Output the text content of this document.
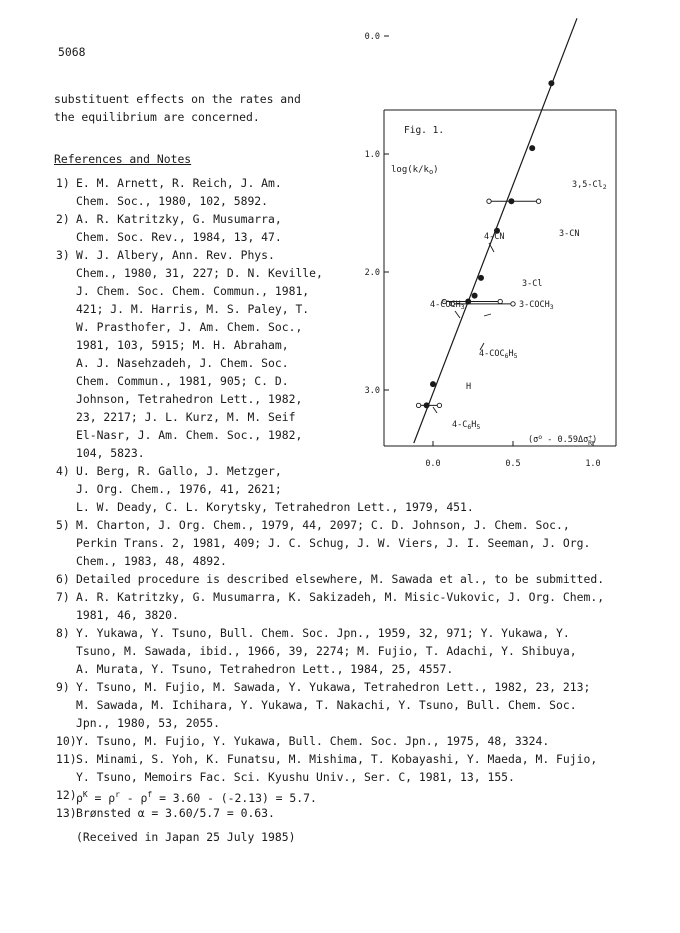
5068
substituent effects on the rates and
the equilibrium are concerned.
References and Notes
1) E. M. Arnett, R. Reich, J. Am.
Chem. Soc., 1980, 102, 5892.
2) A. R. Katritzky, G. Musumarra,
Chem. Soc. Rev., 1984, 13, 47.
3) W. J. Albery, Ann. Rev. Phys.
Chem., 1980, 31, 227; D. N. Keville,
J. Chem. Soc. Chem. Commun., 1981,
421; J. M. Harris, M. S. Paley, T.
W. Prasthofer, J. Am. Chem. Soc.,
1981, 103, 5915; M. H. Abraham,
A. J. Nasehzadeh, J. Chem. Soc.
Chem. Commun., 1981, 905; C. D.
Johnson, Tetrahedron Lett., 1982,
23, 2217; J. L. Kurz, M. M. Seif
El-Nasr, J. Am. Chem. Soc., 1982,
104, 5823.
4) U. Berg, R. Gallo, J. Metzger,
J. Org. Chem., 1976, 41, 2621;
L. W. Deady, C. L. Korytsky, Tetrahedron Lett., 1979, 451.
5) M. Charton, J. Org. Chem., 1979, 44, 2097; C. D. Johnson, J. Chem. Soc.,
Perkin Trans. 2, 1981, 409; J. C. Schug, J. W. Viers, J. I. Seeman, J. Org.
Chem., 1983, 48, 4892.
6) Detailed procedure is described elsewhere, M. Sawada et al., to be submitted.
7) A. R. Katritzky, G. Musumarra, K. Sakizadeh, M. Misic-Vukovic, J. Org. Chem.,
1981, 46, 3820.
8) Y. Yukawa, Y. Tsuno, Bull. Chem. Soc. Jpn., 1959, 32, 971; Y. Yukawa, Y.
Tsuno, M. Sawada, ibid., 1966, 39, 2274; M. Fujio, T. Adachi, Y. Shibuya,
A. Murata, Y. Tsuno, Tetrahedron Lett., 1984, 25, 4557.
9) Y. Tsuno, M. Fujio, M. Sawada, Y. Yukawa, Tetrahedron Lett., 1982, 23, 213;
M. Sawada, M. Ichihara, Y. Yukawa, T. Nakachi, Y. Tsuno, Bull. Chem. Soc.
Jpn., 1980, 53, 2055.
10) Y. Tsuno, M. Fujio, Y. Yukawa, Bull. Chem. Soc. Jpn., 1975, 48, 3324.
11) S. Minami, S. Yoh, K. Funatsu, M. Mishima, T. Kobayashi, Y. Maeda, M. Fujio,
Y. Tsuno, Memoirs Fac. Sci. Kyushu Univ., Ser. C, 1981, 13, 155.
12) $\rho^K = \rho^r - \rho^f = 3.60 - (-2.13) = 5.7$.
13) Brønsted α = 3.60/5.7 = 0.63.
(Received in Japan 25 July 1985)
3.0
2.0
1.0
0.0
0.0	0.5	1.0
Fig. 1.
$\log(k/k_o)$
($\sigma^o - 0.59\Delta\sigma^+$ R)
$3,5-Cl_2$
3-CN
4-CN
3-Cl
$4-COCH_3$	$3-COCH_3$
$4-COC_6H_5$
H
$4-C_6H_5$
